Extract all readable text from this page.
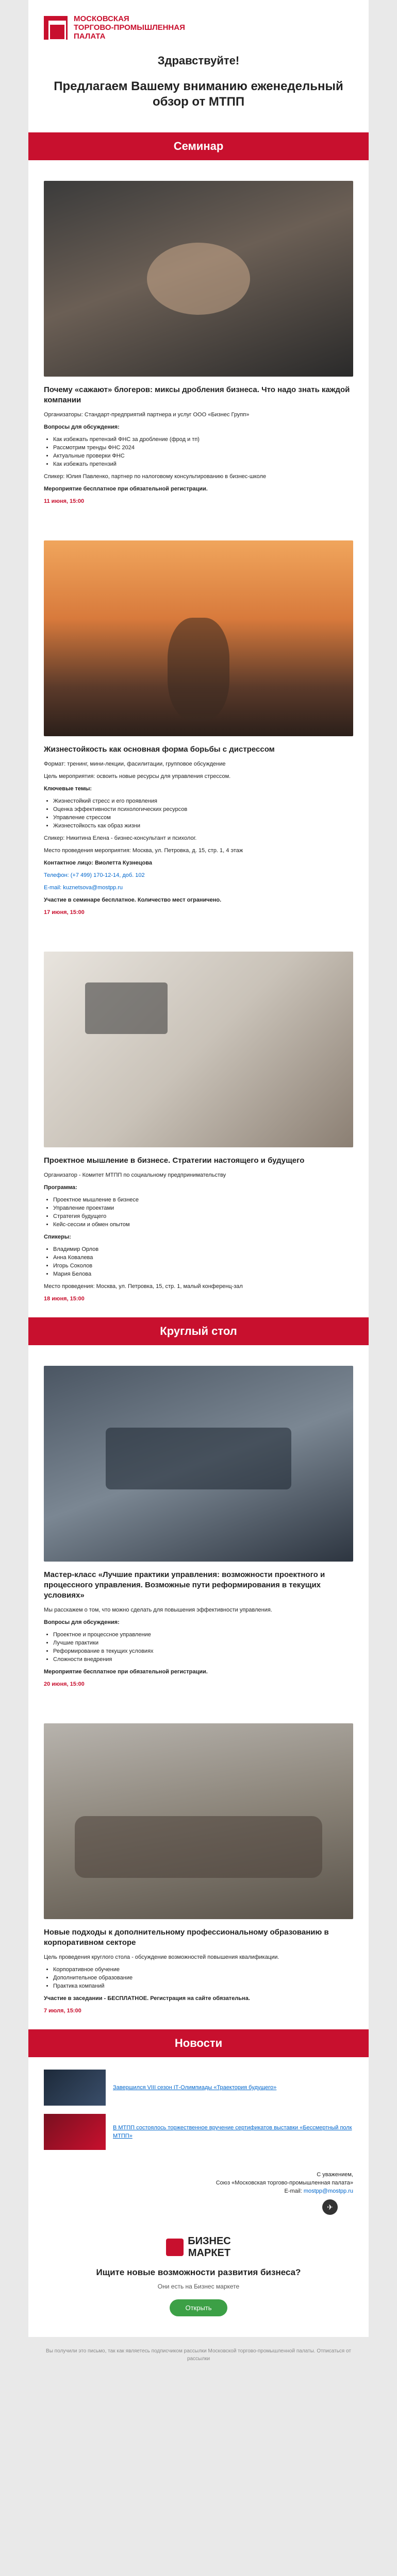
МОСКОВСКАЯ
ТОРГОВО-ПРОМЫШЛЕННАЯ
ПАЛАТА
Здравствуйте!
Предлагаем Вашему вниманию еженедельный обзор от МТПП
Семинар
Почему «сажают» блогеров: миксы дробления бизнеса. Что надо знать каждой компании

Организаторы: Стандарт-предприятий партнера и услуг ООО «Бизнес Групп»

Вопросы для обсуждения:

• Как избежать претензий ФНС за дробление (фрод и тп)
• Рассмотрим тренды ФНС 2024
• Актуальные проверки ФНС
• Как избежать претензий

Спикер: Юлия Павленко, партнер по налоговому консультированию в бизнес-школе

Мероприятие бесплатное при обязательной регистрации.

11 июня, 15:00
Жизнестойкость как основная форма борьбы с дистрессом

Формат: тренинг, мини-лекции, фасилитации, групповое обсуждение

Цель мероприятия: освоить новые ресурсы для управления стрессом.

Ключевые темы:

• Жизнестойкий стресс и его проявления
• Оценка эффективности психологических ресурсов
• Управление стрессом
• Жизнестойкость как образ жизни

Спикер: Никитина Елена - бизнес-консультант и психолог.

Место проведения мероприятия: Москва, ул. Петровка, д. 15, стр. 1, 4 этаж

Контактное лицо: Виолетта Кузнецова

Телефон: (+7 499) 170-12-14, доб. 102

E-mail: kuznetsova@mostpp.ru

Участие в семинаре бесплатное. Количество мест ограничено.

17 июня, 15:00
Проектное мышление в бизнесе. Стратегии настоящего и будущего

Организатор - Комитет МТПП по социальному предпринимательству

Программа:

• Проектное мышление в бизнесе
• Управление проектами
• Стратегия будущего
• Кейс-сессии и обмен опытом

Спикеры:

• Владимир Орлов
• Анна Ковалева
• Игорь Соколов
• Мария Белова

Место проведения: Москва, ул. Петровка, 15, стр. 1, малый конференц-зал

18 июня, 15:00
Круглый стол
Мастер-класс «Лучшие практики управления: возможности проектного и процессного управления. Возможные пути реформирования в текущих условиях»

Мы расскажем о том, что можно сделать для повышения эффективности управления.

Вопросы для обсуждения:

• Проектное и процессное управление
• Лучшие практики
• Реформирование в текущих условиях
• Сложности внедрения

Мероприятие бесплатное при обязательной регистрации.

20 июня, 15:00
Новые подходы к дополнительному профессиональному образованию в корпоративном секторе

Цель проведения круглого стола - обсуждение возможностей повышения квалификации.

• Корпоративное обучение
• Дополнительное образование
• Практика компаний

Участие в заседании - БЕСПЛАТНОЕ. Регистрация на сайте обязательна.

7 июля, 15:00
Новости
Завершился VIII сезон ІТ-Олимпиады «Траектория будущего»
В МТПП состоялось торжественное вручение сертификатов выставки «Бессмертный полк МТПП»
С уважением,
Союз «Московская торгово-промышленная палата»
E-mail: mostpp@mostpp.ru
✈
БИЗНЕС
МАРКЕТ
Ищите новые возможности развития бизнеса?
Они есть на Бизнес маркете
Открыть
Вы получили это письмо, так как являетесь подписчиком рассылки Московской торгово-промышленной палаты. Отписаться от рассылки
